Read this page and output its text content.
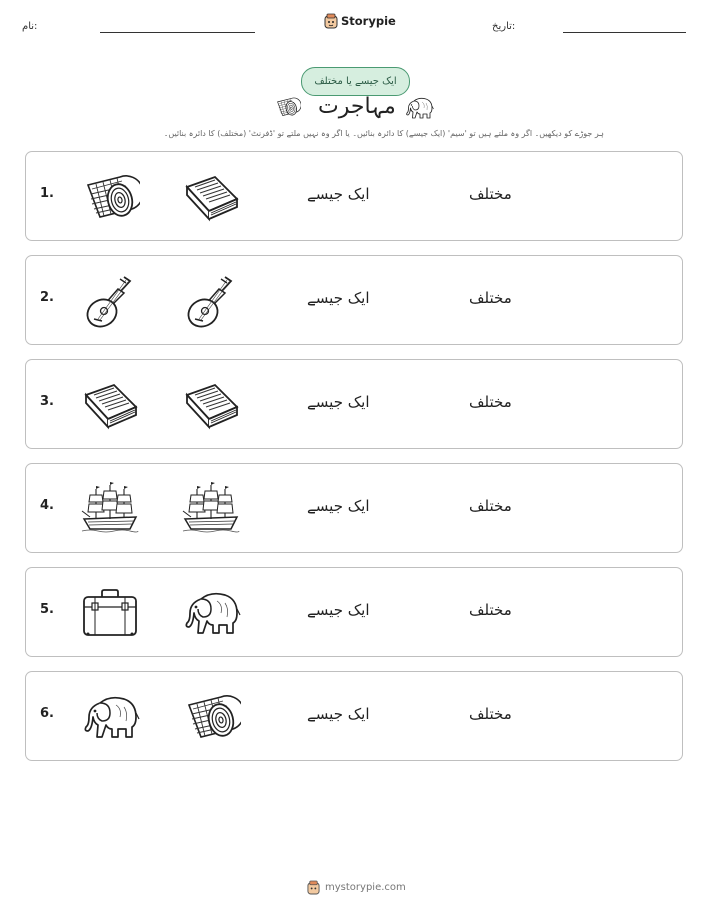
نام:	Storypie	تاریخ:
ایک جیسے یا مختلف
مہاجرت
ہر جوڑے کو دیکھیں۔ اگر وہ ملتے ہیں تو 'سیم' (ایک جیسے) کا دائرہ بنائیں۔ یا اگر وہ نہیں ملتے تو 'ڈفرنٹ' (مختلف) کا دائرہ بنائیں۔
1.	ایک جیسے	مختلف
2.	ایک جیسے	مختلف
3.	ایک جیسے	مختلف
4.	ایک جیسے	مختلف
5.	ایک جیسے	مختلف
6.	ایک جیسے	مختلف
mystorypie.com
